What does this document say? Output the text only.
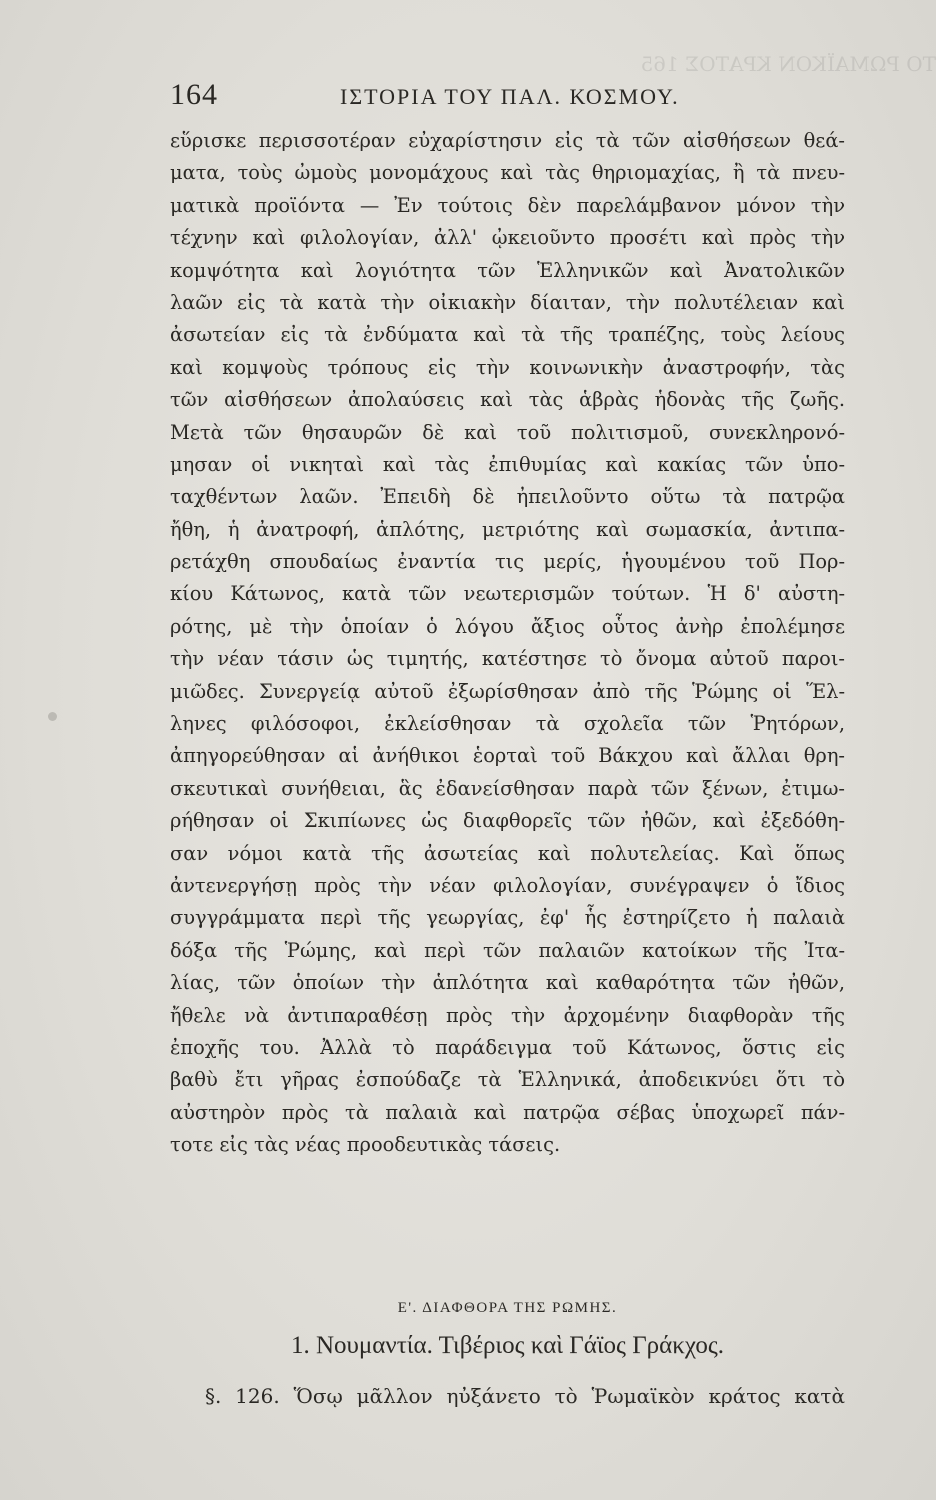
ΤΟ ΡΩΜΑΪΚΟΝ ΚΡΑΤΟΣ 165
164	ΙΣΤΟΡΙΑ ΤΟΥ ΠΑΛ. ΚΟΣΜΟΥ.
εὕρισκε περισσοτέραν εὐχαρίστησιν εἰς τὰ τῶν αἰσθήσεων θεά-
ματα, τοὺς ὠμοὺς μονομάχους καὶ τὰς θηριομαχίας, ἢ τὰ πνευ-
ματικὰ προϊόντα — Ἐν τούτοις δὲν παρελάμβανον μόνον τὴν
τέχνην καὶ φιλολογίαν, ἀλλ' ᾠκειοῦντο προσέτι καὶ πρὸς τὴν
κομψότητα καὶ λογιότητα τῶν Ἑλληνικῶν καὶ Ἀνατολικῶν
λαῶν εἰς τὰ κατὰ τὴν οἰκιακὴν δίαιταν, τὴν πολυτέλειαν καὶ
ἀσωτείαν εἰς τὰ ἐνδύματα καὶ τὰ τῆς τραπέζης, τοὺς λείους
καὶ κομψοὺς τρόπους εἰς τὴν κοινωνικὴν ἀναστροφήν, τὰς
τῶν αἰσθήσεων ἀπολαύσεις καὶ τὰς ἁβρὰς ἡδονὰς τῆς ζωῆς.
Μετὰ τῶν θησαυρῶν δὲ καὶ τοῦ πολιτισμοῦ, συνεκληρονό-
μησαν οἱ νικηταὶ καὶ τὰς ἐπιθυμίας καὶ κακίας τῶν ὑπο-
ταχθέντων λαῶν. Ἐπειδὴ δὲ ἠπειλοῦντο οὕτω τὰ πατρῷα
ἤθη, ἡ ἀνατροφή, ἁπλότης, μετριότης καὶ σωμασκία, ἀντιπα-
ρετάχθη σπουδαίως ἐναντία τις μερίς, ἡγουμένου τοῦ Πορ-
κίου Κάτωνος, κατὰ τῶν νεωτερισμῶν τούτων. Ἡ δ' αὐστη-
ρότης, μὲ τὴν ὁποίαν ὁ λόγου ἄξιος οὗτος ἀνὴρ ἐπολέμησε
τὴν νέαν τάσιν ὡς τιμητής, κατέστησε τὸ ὄνομα αὐτοῦ παροι-
μιῶδες. Συνεργείᾳ αὐτοῦ ἐξωρίσθησαν ἀπὸ τῆς Ῥώμης οἱ Ἕλ-
ληνες φιλόσοφοι, ἐκλείσθησαν τὰ σχολεῖα τῶν Ῥητόρων,
ἀπηγορεύθησαν αἱ ἀνήθικοι ἑορταὶ τοῦ Βάκχου καὶ ἄλλαι θρη-
σκευτικαὶ συνήθειαι, ἃς ἐδανείσθησαν παρὰ τῶν ξένων, ἐτιμω-
ρήθησαν οἱ Σκιπίωνες ὡς διαφθορεῖς τῶν ἠθῶν, καὶ ἐξεδόθη-
σαν νόμοι κατὰ τῆς ἀσωτείας καὶ πολυτελείας. Καὶ ὅπως
ἀντενεργήσῃ πρὸς τὴν νέαν φιλολογίαν, συνέγραψεν ὁ ἴδιος
συγγράμματα περὶ τῆς γεωργίας, ἐφ' ἧς ἐστηρίζετο ἡ παλαιὰ
δόξα τῆς Ῥώμης, καὶ περὶ τῶν παλαιῶν κατοίκων τῆς Ἰτα-
λίας, τῶν ὁποίων τὴν ἁπλότητα καὶ καθαρότητα τῶν ἠθῶν,
ἤθελε νὰ ἀντιπαραθέσῃ πρὸς τὴν ἀρχομένην διαφθορὰν τῆς
ἐποχῆς του. Ἀλλὰ τὸ παράδειγμα τοῦ Κάτωνος, ὅστις εἰς
βαθὺ ἔτι γῆρας ἐσπούδαζε τὰ Ἑλληνικά, ἀποδεικνύει ὅτι τὸ
αὐστηρὸν πρὸς τὰ παλαιὰ καὶ πατρῷα σέβας ὑποχωρεῖ πάν-
τοτε εἰς τὰς νέας προοδευτικὰς τάσεις.
Ε'. ΔΙΑΦΘΟΡΑ ΤΗΣ ΡΩΜΗΣ.
1. Νουμαντία. Τιβέριος καὶ Γάϊος Γράκχος.
§. 126. Ὅσῳ μᾶλλον ηὐξάνετο τὸ Ῥωμαϊκὸν κράτος κατὰ
